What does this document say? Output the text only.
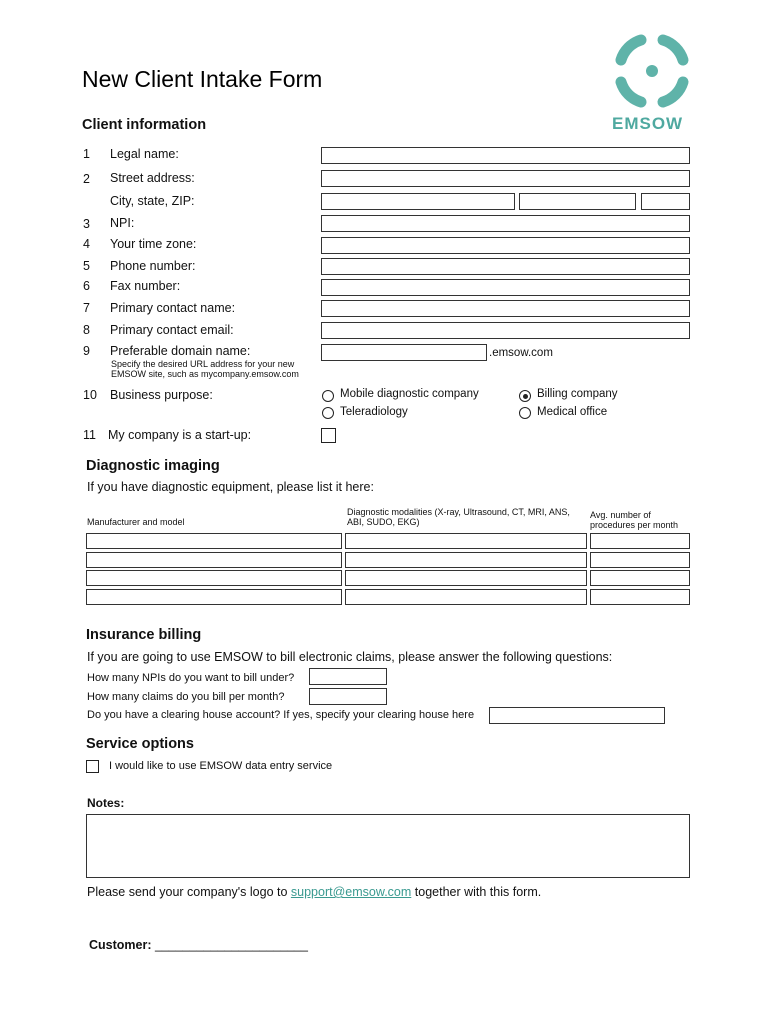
EMSOW
New Client Intake Form
Client information
1 Legal name:
2 Street address:
City, state, ZIP:
3 NPI:
4 Your time zone:
5 Phone number:
6 Fax number:
7 Primary contact name:
8 Primary contact email:
9 Preferable domain name:
Specify the desired URL address for your new EMSOW site, such as mycompany.emsow.com
.emsow.com
10 Business purpose:	Mobile diagnostic company	Billing company
Teleradiology	Medical office
11 My company is a start-up:
Diagnostic imaging
If you have diagnostic equipment, please list it here:
Manufacturer and model
Diagnostic modalities (X-ray, Ultrasound, CT, MRI, ANS, ABI, SUDO, EKG)
Avg. number of procedures per month
Insurance billing
If you are going to use EMSOW to bill electronic claims, please answer the following questions:
How many NPIs do you want to bill under?
How many claims do you bill per month?
Do you have a clearing house account? If yes, specify your clearing house here
Service options
I would like to use EMSOW data entry service
Notes:
Please send your company's logo to support@emsow.com together with this form.
Customer: ______________________
